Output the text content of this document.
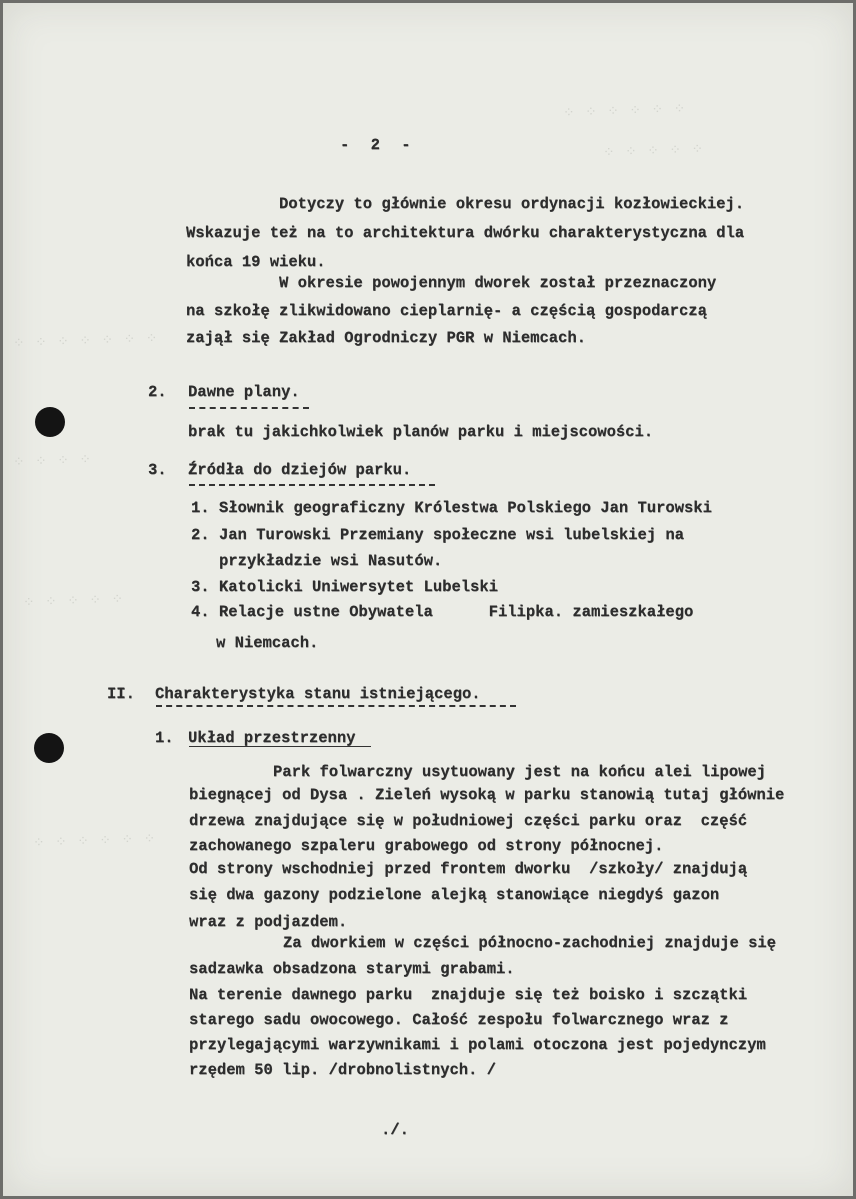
⁘ ⁘ ⁘ ⁘ ⁘ ⁘
⁘ ⁘ ⁘ ⁘ ⁘
⁘ ⁘ ⁘ ⁘ ⁘ ⁘ ⁘
⁘ ⁘ ⁘ ⁘
⁘ ⁘ ⁘ ⁘ ⁘
⁘ ⁘ ⁘ ⁘ ⁘ ⁘
- 2 -
Dotyczy to głównie okresu ordynacji kozłowieckiej.
Wskazuje też na to architektura dwórku charakterystyczna dla
końca 19 wieku.
W okresie powojennym dworek został przeznaczony
na szkołę zlikwidowano cieplarnię- a częścią gospodarczą
zajął się Zakład Ogrodniczy PGR w Niemcach.
2. Dawne plany.
brak tu jakichkolwiek planów parku i miejscowości.
3. Źródła do dziejów parku.
1. Słownik geograficzny Królestwa Polskiego Jan Turowski
2. Jan Turowski Przemiany społeczne wsi lubelskiej na
przykładzie wsi Nasutów.
3. Katolicki Uniwersytet Lubelski
4. Relacje ustne Obywatela      Filipka. zamieszkałego
w Niemcach.
II. Charakterystyka stanu istniejącego.
1. Układ przestrzenny
Park folwarczny usytuowany jest na końcu alei lipowej
biegnącej od Dysa . Zieleń wysoką w parku stanowią tutaj głównie
drzewa znajdujące się w południowej części parku oraz  część
zachowanego szpaleru grabowego od strony północnej.
Od strony wschodniej przed frontem dworku  /szkoły/ znajdują
się dwa gazony podzielone alejką stanowiące niegdyś gazon
wraz z podjazdem.
Za dworkiem w części północno-zachodniej znajduje się
sadzawka obsadzona starymi grabami.
Na terenie dawnego parku  znajduje się też boisko i szczątki
starego sadu owocowego. Całość zespołu folwarcznego wraz z
przylegającymi warzywnikami i polami otoczona jest pojedynczym
rzędem 50 lip. /drobnolistnych. /
./.
